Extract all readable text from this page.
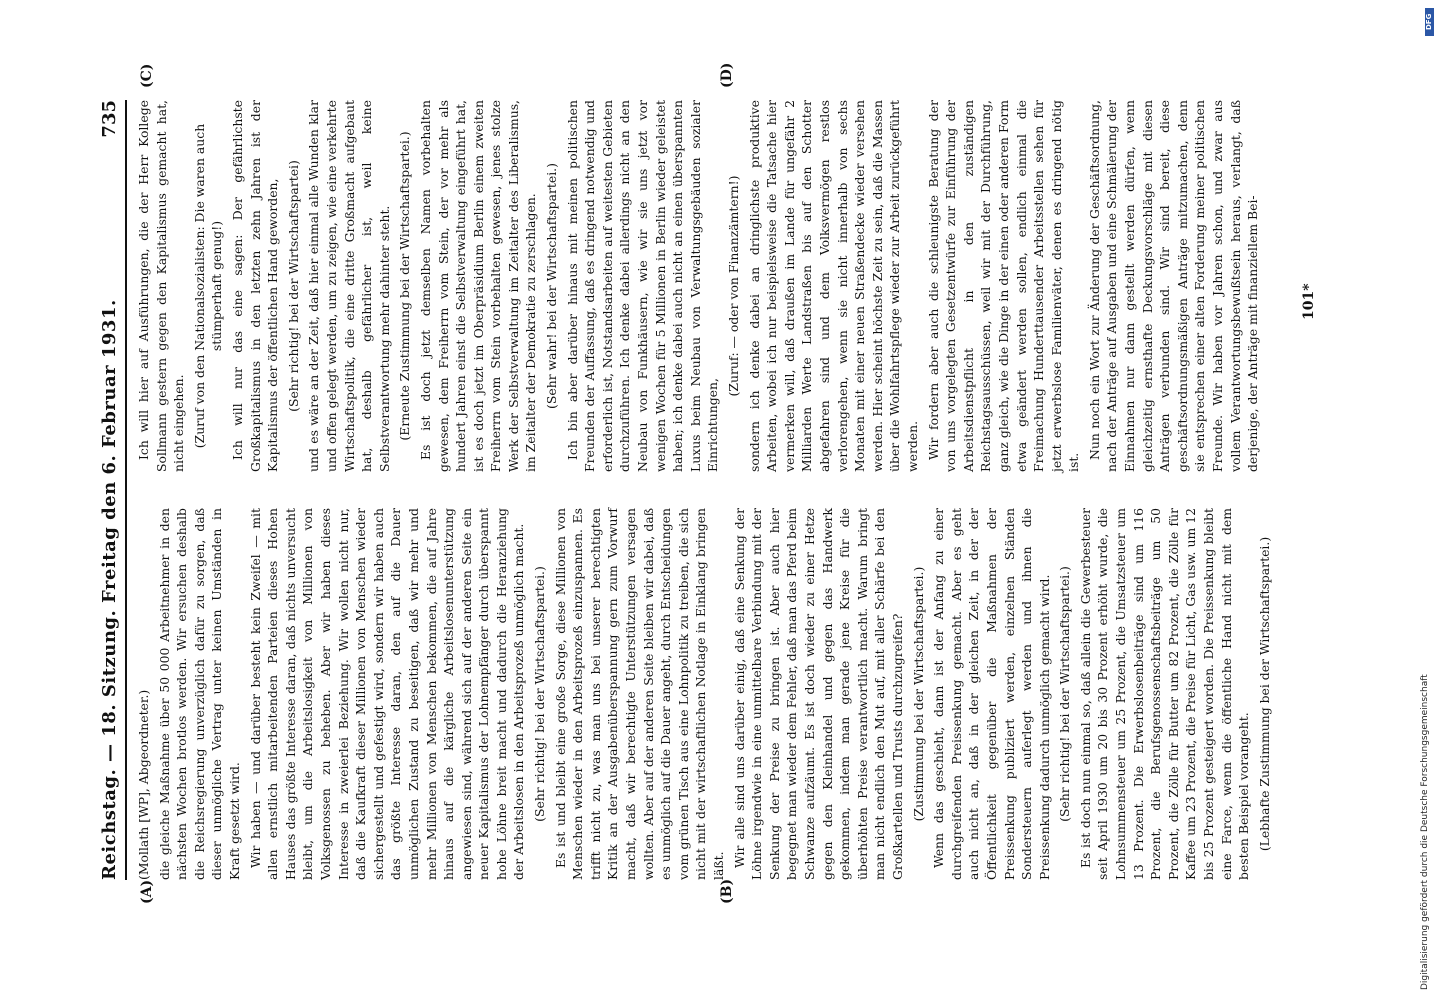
Reichstag. — 18. Sitzung. Freitag den 6. Februar 1931.
735
(A)	(B)
(C)	(D)

(Mollath [WP], Abgeordneter.) die gleiche Maßnahme über 50 000 Arbeitnehmer in den nächsten Wochen brotlos werden. Wir ersuchen deshalb die Reichsregierung unverzüglich dafür zu sorgen, daß dieser unmögliche Vertrag unter keinen Umständen in Kraft gesetzt wird. Wir haben — und darüber besteht kein Zweifel — mit allen ernstlich mitarbeitenden Parteien dieses Hohen Hauses das größte Interesse daran, daß nichts unversucht bleibt, um die Arbeitslosigkeit von Millionen von Volksgenossen zu beheben. Aber wir haben dieses Interesse in zweierlei Beziehung. Wir wollen nicht nur, daß die Kaufkraft dieser Millionen von Menschen wieder sichergestellt und gefestigt wird, sondern wir haben auch das größte Interesse daran, den auf die Dauer unmöglichen Zustand zu beseitigen, daß wir mehr und mehr Millionen von Menschen bekommen, die auf Jahre hinaus auf die kärgliche Arbeitslosenunterstützung angewiesen sind, während sich auf der anderen Seite ein neuer Kapitalismus der Lohnempfänger durch überspannt hohe Löhne breit macht und dadurch die Heranziehung der Arbeitslosen in den Arbeitsprozeß unmöglich macht. (Sehr richtig! bei der Wirtschaftspartei.) Es ist und bleibt eine große Sorge, diese Millionen von Menschen wieder in den Arbeitsprozeß einzuspannen. Es trifft nicht zu, was man uns bei unserer berechtigten Kritik an der Ausgabenüberspannung gern zum Vorwurf macht, daß wir berechtigte Unterstützungen versagen wollten. Aber auf der anderen Seite bleiben wir dabei, daß es unmöglich auf die Dauer angeht, durch Entscheidungen vom grünen Tisch aus eine Lohnpolitik zu treiben, die sich nicht mit der wirtschaftlichen Notlage in Einklang bringen läßt. Wir alle sind uns darüber einig, daß eine Senkung der Löhne irgendwie in eine unmittelbare Verbindung mit der Senkung der Preise zu bringen ist. Aber auch hier begegnet man wieder dem Fehler, daß man das Pferd beim Schwanze aufzäumt. Es ist doch wieder zu einer Hetze gegen den Kleinhandel und gegen das Handwerk gekommen, indem man gerade jene Kreise für die überhöhten Preise verantwortlich macht. Warum bringt man nicht endlich den Mut auf, mit aller Schärfe bei den Großkartellen und Trusts durchzugreifen? (Zustimmung bei der Wirtschaftspartei.) Wenn das geschieht, dann ist der Anfang zu einer durchgreifenden Preissenkung gemacht. Aber es geht auch nicht an, daß in der gleichen Zeit, in der der Öffentlichkeit gegenüber die Maßnahmen der Preissenkung publiziert werden, einzelnen Ständen Sondersteuern auferlegt werden und ihnen die Preissenkung dadurch unmöglich gemacht wird. (Sehr richtig! bei der Wirtschaftspartei.) Es ist doch nun einmal so, daß allein die Gewerbesteuer seit April 1930 um 20 bis 30 Prozent erhöht wurde, die Lohnsummensteuer um 25 Prozent, die Umsatzsteuer um 13 Prozent. Die Erwerbslosenbeiträge sind um 116 Prozent, die Berufsgenossenschaftsbeiträge um 50 Prozent, die Zölle für Butter um 82 Prozent, die Zölle für Kaffee um 23 Prozent, die Preise für Licht, Gas usw. um 12 bis 25 Prozent gesteigert worden. Die Preissenkung bleibt eine Farce, wenn die öffentliche Hand nicht mit dem besten Beispiel vorangeht. (Lebhafte Zustimmung bei der Wirtschaftspartei.)

Ich will hier auf Ausführungen, die der Herr Kollege Sollmann gestern gegen den Kapitalismus gemacht hat, nicht eingehen. (Zuruf von den Nationalsozialisten: Die waren auch stümperhaft genug!) Ich will nur das eine sagen: Der gefährlichste Großkapitalismus in den letzten zehn Jahren ist der Kapitalismus der öffentlichen Hand geworden, (Sehr richtig! bei der Wirtschaftspartei) und es wäre an der Zeit, daß hier einmal alle Wunden klar und offen gelegt werden, um zu zeigen, wie eine verkehrte Wirtschaftspolitik, die eine dritte Großmacht aufgebaut hat, deshalb gefährlicher ist, weil keine Selbstverantwortung mehr dahinter steht. (Erneute Zustimmung bei der Wirtschaftspartei.) Es ist doch jetzt demselben Namen vorbehalten gewesen, dem Freiherrn vom Stein, der vor mehr als hundert Jahren einst die Selbstverwaltung eingeführt hat, ist es doch jetzt im Oberpräsidium Berlin einem zweiten Freiherrn vom Stein vorbehalten gewesen, jenes stolze Werk der Selbstverwaltung im Zeitalter des Liberalismus, im Zeitalter der Demokratie zu zerschlagen. (Sehr wahr! bei der Wirtschaftspartei.) Ich bin aber darüber hinaus mit meinen politischen Freunden der Auffassung, daß es dringend notwendig und erforderlich ist, Notstandsarbeiten auf weitesten Gebieten durchzuführen. Ich denke dabei allerdings nicht an den Neubau von Funkhäusern, wie wir sie uns jetzt vor wenigen Wochen für 5 Millionen in Berlin wieder geleistet haben; ich denke dabei auch nicht an einen überspannten Luxus beim Neubau von Verwaltungsgebäuden sozialer Einrichtungen,

(Zuruf: — oder von Finanzämtern!) sondern ich denke dabei an dringlichste produktive Arbeiten, wobei ich nur beispielsweise die Tatsache hier vermerken will, daß draußen im Lande für ungefähr 2 Milliarden Werte Landstraßen bis auf den Schotter abgefahren sind und dem Volksvermögen restlos verlorengehen, wenn sie nicht innerhalb von sechs Monaten mit einer neuen Straßendecke wieder versehen werden. Hier scheint höchste Zeit zu sein, daß die Massen über die Wohlfahrtspflege wieder zur Arbeit zurückgeführt werden. Wir fordern aber auch die schleunigste Beratung der von uns vorgelegten Gesetzentwürfe zur Einführung der Arbeitsdienstpflicht in den zuständigen Reichstagsausschüssen, weil wir mit der Durchführung, ganz gleich, wie die Dinge in der einen oder anderen Form etwa geändert werden sollen, endlich einmal die Freimachung Hunderttausender Arbeitsstellen sehen für jetzt erwerbslose Familienväter, denen es dringend nötig ist.

Nun noch ein Wort zur Änderung der Geschäftsordnung, nach der Anträge auf Ausgaben und eine Schmälerung der Einnahmen nur dann gestellt werden dürfen, wenn gleichzeitig ernsthafte Deckungsvorschläge mit diesen Anträgen verbunden sind. Wir sind bereit, diese geschäftsordnungsmäßigen Anträge mitzumachen, denn sie entsprechen einer alten Forderung meiner politischen Freunde. Wir haben vor Jahren schon, und zwar aus vollem Verantwortungsbewußtsein heraus, verlangt, daß derjenige, der Anträge mit finanziellem Bei-	101*
DFG
Digitalisierung gefördert durch die Deutsche Forschungsgemeinschaft
